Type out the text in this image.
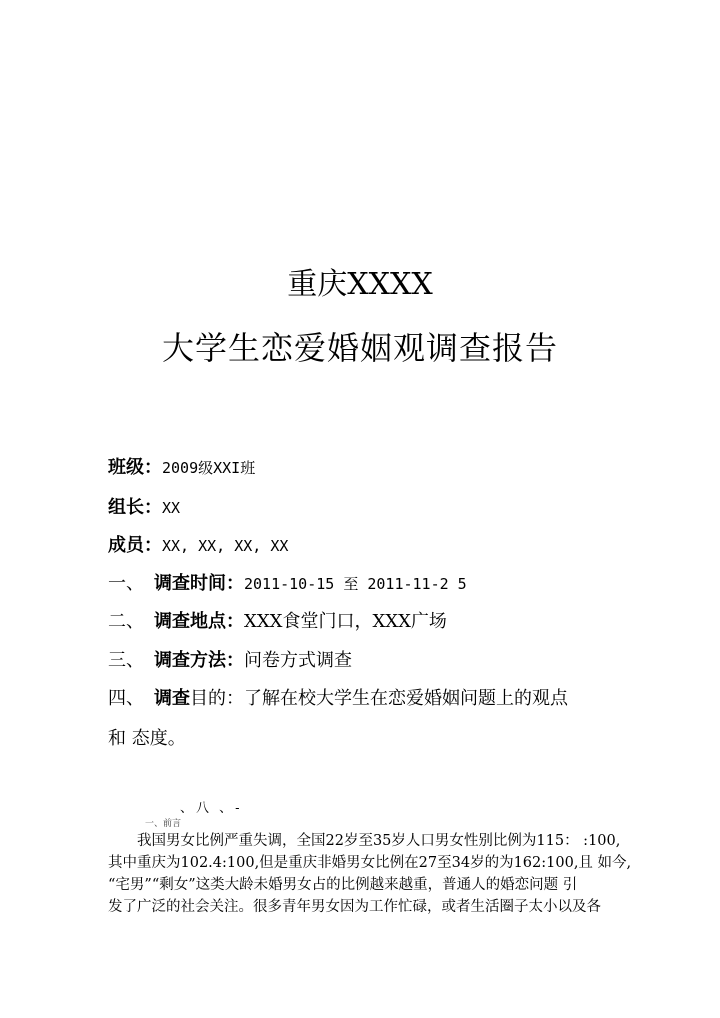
重庆XXXX
大学生恋爱婚姻观调查报告
班级：2009级XXI班
组长：XX
成员：XX, XX, XX, XX
一、 调查时间：2011-10-15 至 2011-11-2 5
二、 调查地点：XXX食堂门口，XXX广场
三、 调查方法：问卷方式调查
四、 调查目的：了解在校大学生在恋爱婚姻问题上的观点
和 态度。
、八 、-
一、前言
　　我国男女比例严重失调，全国22岁至35岁人口男女性别比例为115： :100,
其中重庆为102.4:100,但是重庆非婚男女比例在27至34岁的为162:100,且 如今,
“宅男”“剩女”这类大龄未婚男女占的比例越来越重，普通人的婚恋问题 引
发了广泛的社会关注。很多青年男女因为工作忙碌，或者生活圈子太小以及各
